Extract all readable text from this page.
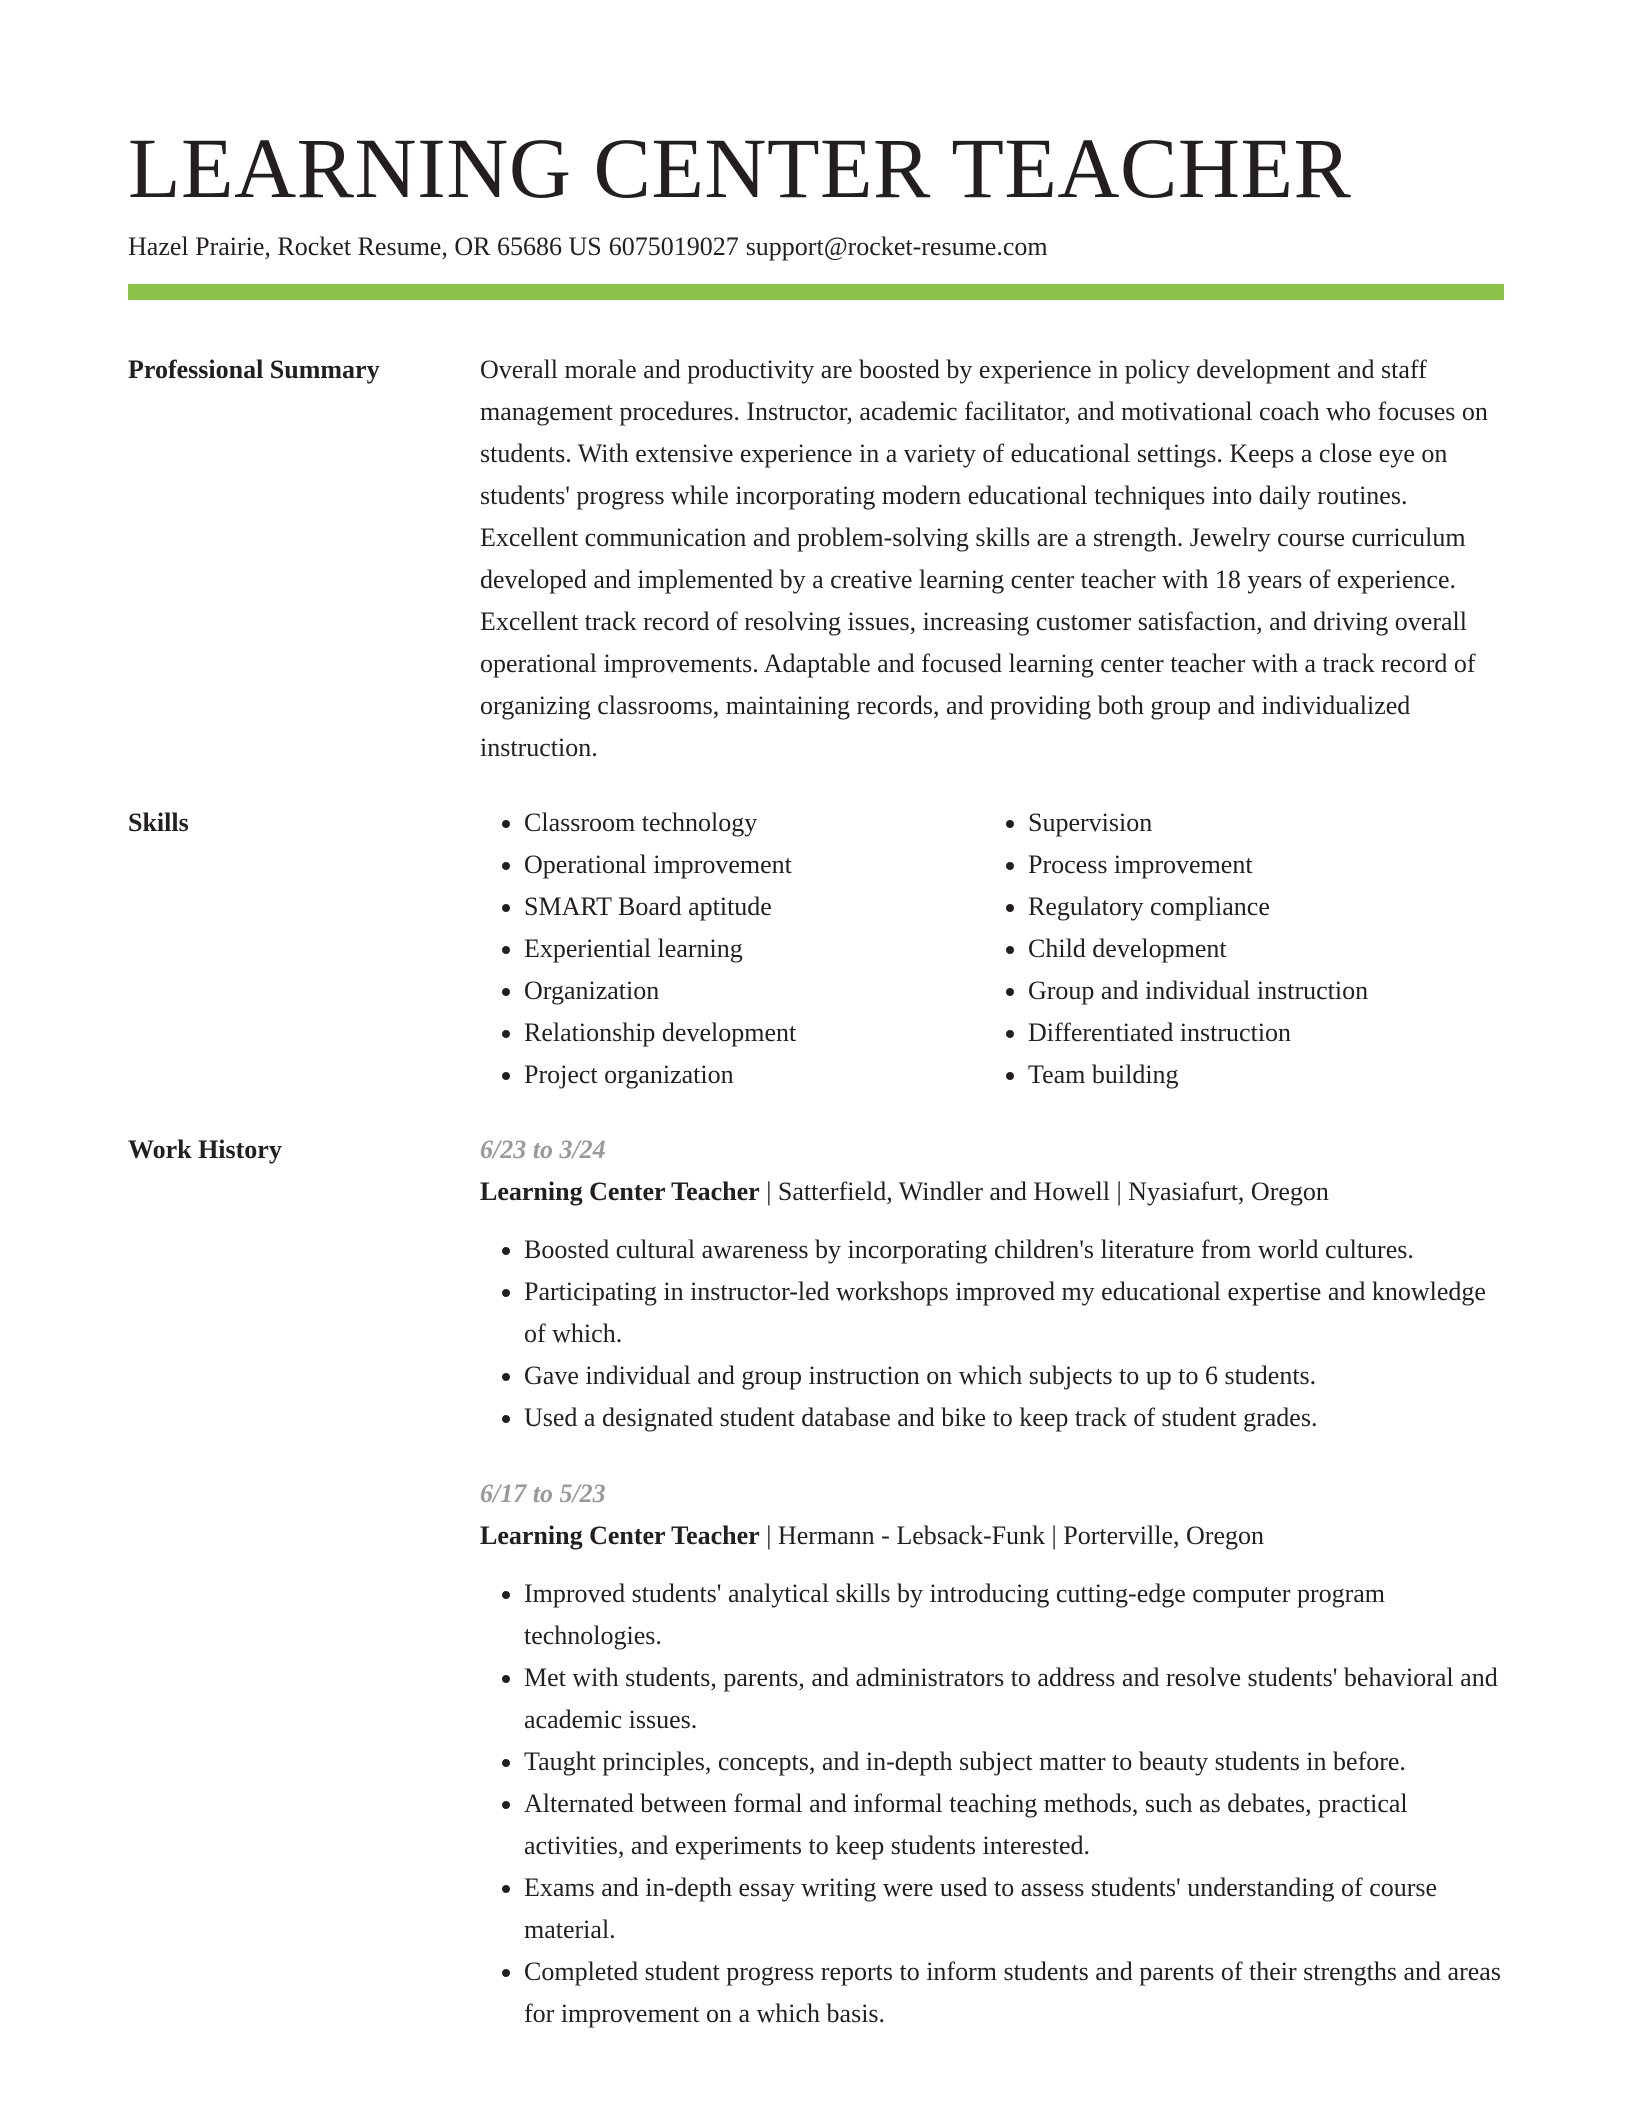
LEARNING CENTER TEACHER
Hazel Prairie, Rocket Resume, OR 65686 US 6075019027 support@rocket-resume.com
Professional Summary	Overall morale and productivity are boosted by experience in policy development and staff management procedures. Instructor, academic facilitator, and motivational coach who focuses on students. With extensive experience in a variety of educational settings. Keeps a close eye on students' progress while incorporating modern educational techniques into daily routines. Excellent communication and problem-solving skills are a strength. Jewelry course curriculum developed and implemented by a creative learning center teacher with 18 years of experience. Excellent track record of resolving issues, increasing customer satisfaction, and driving overall operational improvements. Adaptable and focused learning center teacher with a track record of organizing classrooms, maintaining records, and providing both group and individualized instruction.

Skills
•	Classroom technology
• Operational improvement
• SMART Board aptitude
• Experiential learning
• Organization
• Relationship development
• Project organization
• Supervision
• Process improvement
• Regulatory compliance
• Child development
• Group and individual instruction
• Differentiated instruction
• Team building
Work History	6/23 to 3/24
Learning Center Teacher | Satterfield, Windler and Howell | Nyasiafurt, Oregon
• Boosted cultural awareness by incorporating children's literature from world cultures.
• Participating in instructor-led workshops improved my educational expertise and knowledge of which.
• Gave individual and group instruction on which subjects to up to 6 students.
• Used a designated student database and bike to keep track of student grades.
6/17 to 5/23
Learning Center Teacher | Hermann - Lebsack-Funk | Porterville, Oregon
• Improved students' analytical skills by introducing cutting-edge computer program technologies.
• Met with students, parents, and administrators to address and resolve students' behavioral and academic issues.
• Taught principles, concepts, and in-depth subject matter to beauty students in before.
• Alternated between formal and informal teaching methods, such as debates, practical activities, and experiments to keep students interested.
• Exams and in-depth essay writing were used to assess students' understanding of course material.
• Completed student progress reports to inform students and parents of their strengths and areas for improvement on a which basis.
